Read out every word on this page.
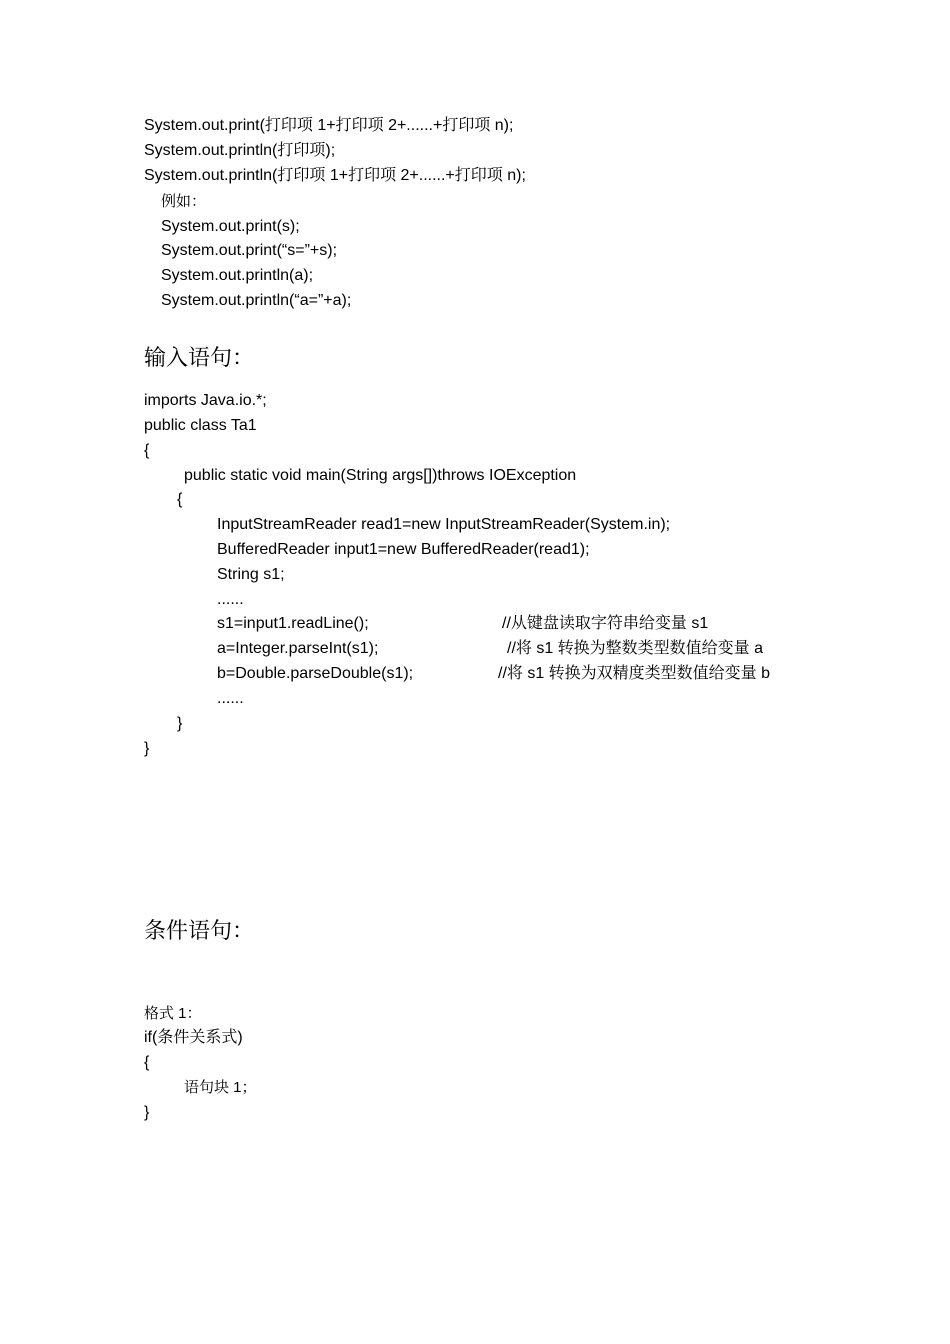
System.out.print(打印项 1+打印项 2+......+打印项 n);
System.out.println(打印项);
System.out.println(打印项 1+打印项 2+......+打印项 n);
例如：
System.out.print(s);
System.out.print(“s=”+s);
System.out.println(a);
System.out.println(“a=”+a);
输入语句：
imports Java.io.*;
public class Ta1
{
public static void main(String args[])throws IOException
{
InputStreamReader read1=new InputStreamReader(System.in);
BufferedReader input1=new BufferedReader(read1);
String s1;
......
s1=input1.readLine();
a=Integer.parseInt(s1);
b=Double.parseDouble(s1);
......
}
}
//从键盘读取字符串给变量 s1
//将 s1 转换为整数类型数值给变量 a
//将 s1 转换为双精度类型数值给变量 b
条件语句：
格式 1：
if(条件关系式)
{
语句块 1；
}
